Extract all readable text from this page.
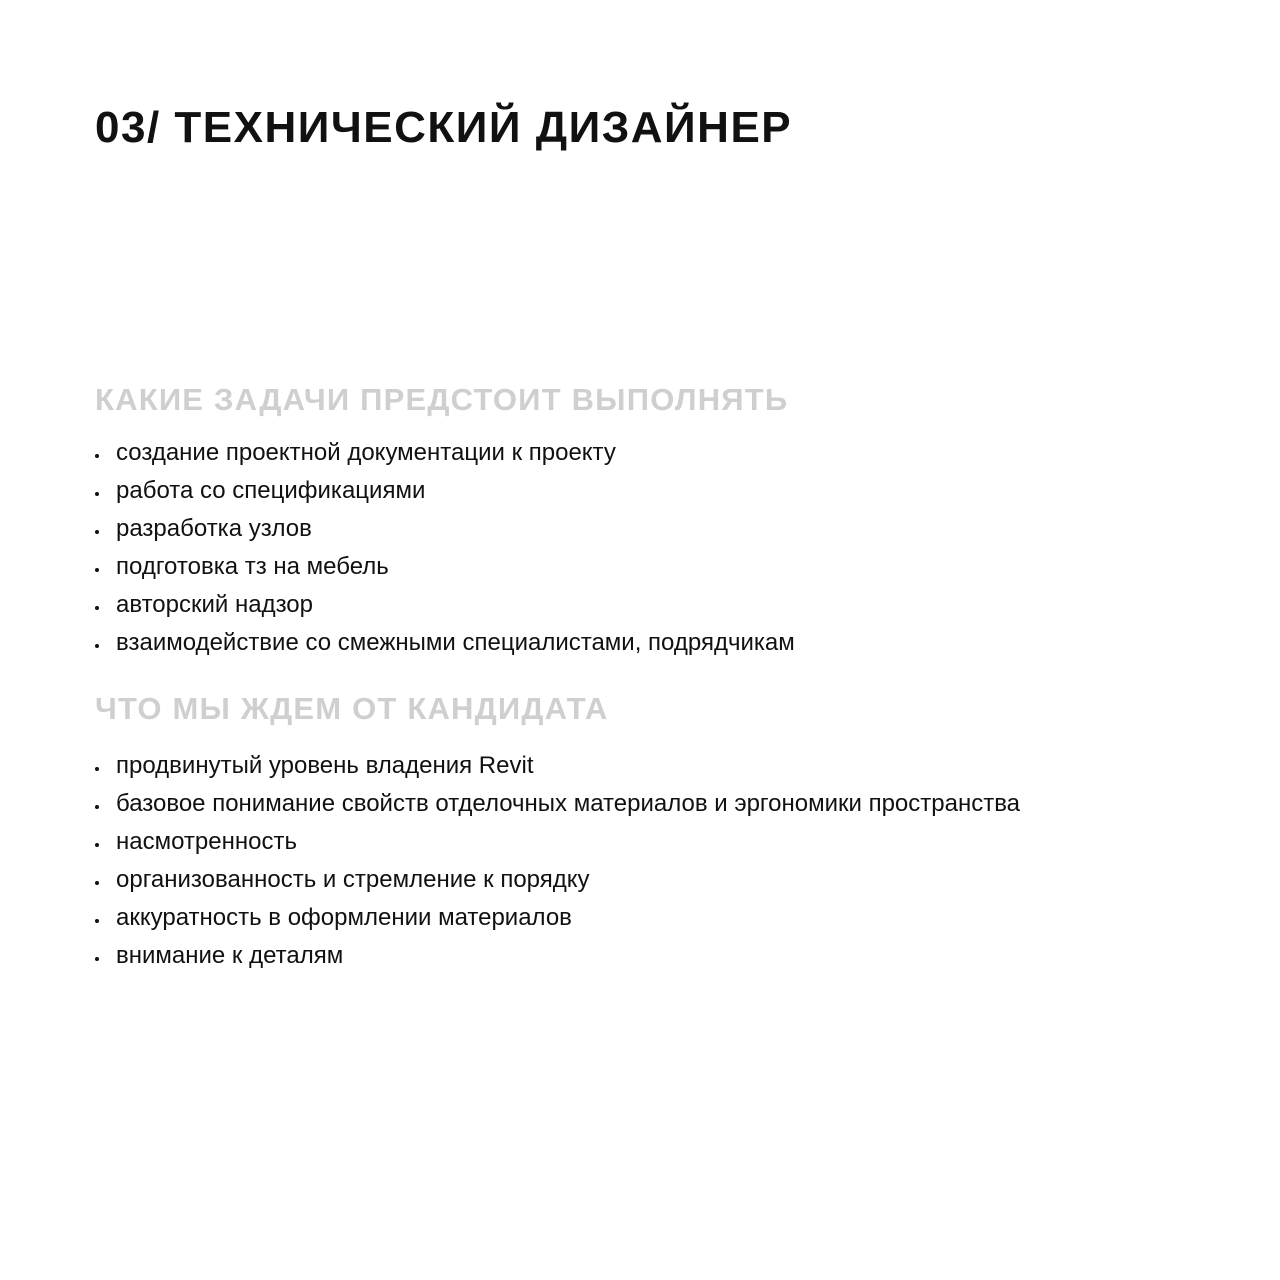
03/ ТЕХНИЧЕСКИЙ ДИЗАЙНЕР
КАКИЕ ЗАДАЧИ ПРЕДСТОИТ ВЫПОЛНЯТЬ
создание проектной документации к проекту
работа со спецификациями
разработка узлов
подготовка тз на мебель
авторский надзор
взаимодействие со смежными специалистами, подрядчикам
ЧТО МЫ ЖДЕМ ОТ КАНДИДАТА
продвинутый уровень владения Revit
базовое понимание свойств отделочных материалов и эргономики пространства
насмотренность
организованность и стремление к порядку
аккуратность в оформлении материалов
внимание к деталям
